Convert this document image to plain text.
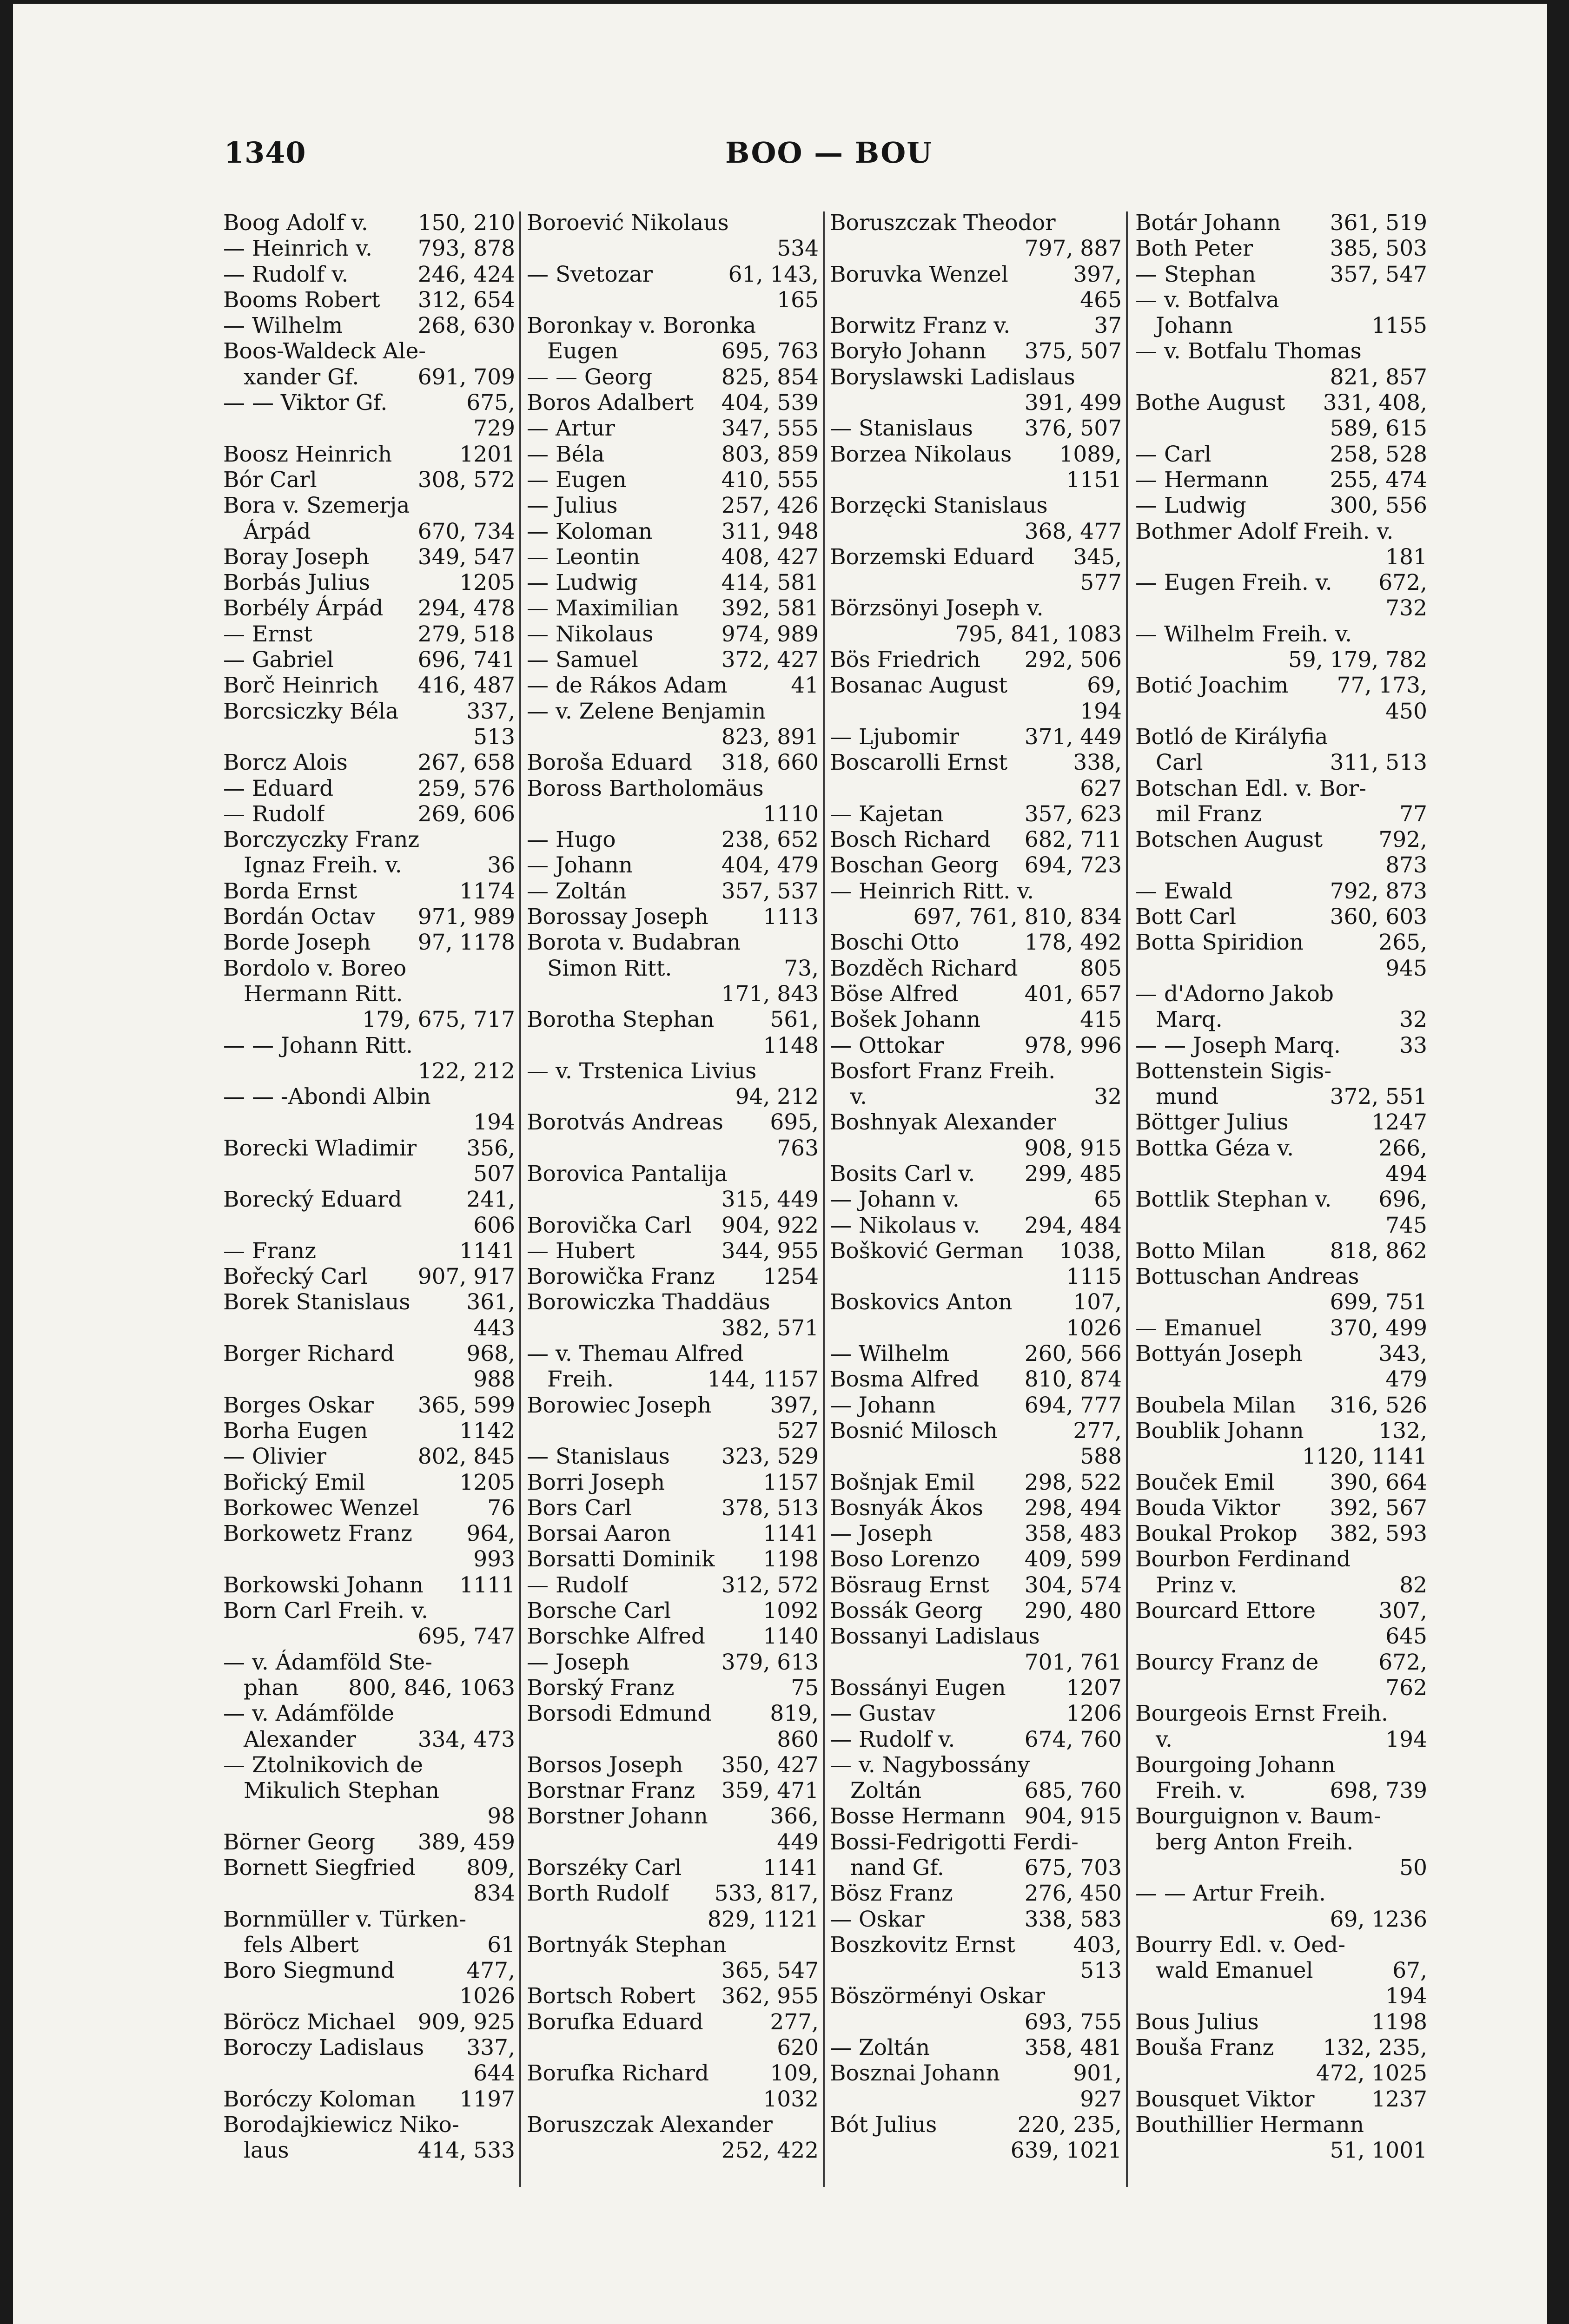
1340	BOO — BOU
Boog Adolf v. 150, 210
— Heinrich v. 793, 878
— Rudolf v.	246, 424
Booms Robert 312, 654
— Wilhelm	268, 630
Boos-Waldeck Ale-
xander Gf.	691, 709
— — Viktor Gf.	675,
729
Boosz Heinrich	1201
Bór Carl	308, 572
Bora v. Szemerja
Árpád	670, 734
Boray Joseph 349, 547
Borbás Julius	1205
Borbély Árpád 294, 478
— Ernst	279, 518
— Gabriel	696, 741
Borč Heinrich 416, 487
Borcsiczky Béla	337,
513
Borcz Alois	267, 658
— Eduard	259, 576
— Rudolf	269, 606
Borczyczky Franz
Ignaz Freih. v.	36
Borda Ernst	1174
Bordán Octav 971, 989
Borde Joseph 97, 1178
Bordolo v. Boreo
Hermann Ritt.
179, 675, 717
— — Johann Ritt.
122, 212
— — -Abondi Albin
194
Borecki Wladimir 356,
507
Borecký Eduard	241,
606
— Franz	1141
Bořecký Carl 907, 917
Borek Stanislaus	361,
443
Borger Richard	968,
988
Borges Oskar 365, 599
Borha Eugen	1142
— Olivier	802, 845
Bořický Emil	1205
Borkowec Wenzel	76
Borkowetz Franz 964,
993
Borkowski Johann 1111
Born Carl Freih. v.
695, 747
— v. Ádamföld Ste-
phan 800, 846, 1063
— v. Adámfölde
Alexander	334, 473
— Ztolnikovich de
Mikulich Stephan
98
Börner Georg 389, 459
Bornett Siegfried 809,
834
Bornmüller v. Türken-
fels Albert	61
Boro Siegmund	477,
1026
Böröcz Michael 909, 925
Boroczy Ladislaus 337,
644
Boróczy Koloman 1197
Borodajkiewicz Niko-
laus	414, 533
Boroević Nikolaus
534
— Svetozar	61, 143,
165
Boronkay v. Boronka
Eugen	695, 763
— — Georg	825, 854
Boros Adalbert 404, 539
— Artur	347, 555
— Béla	803, 859
— Eugen	410, 555
— Julius	257, 426
— Koloman	311, 948
— Leontin	408, 427
— Ludwig	414, 581
— Maximilian 392, 581
— Nikolaus	974, 989
— Samuel	372, 427
— de Rákos Adam	41
— v. Zelene Benjamin
823, 891
Boroša Eduard 318, 660
Boross Bartholomäus
1110
— Hugo	238, 652
— Johann	404, 479
— Zoltán	357, 537
Borossay Joseph	1113
Borota v. Budabran
Simon Ritt.	73,
171, 843
Borotha Stephan	561,
1148
— v. Trstenica Livius
94, 212
Borotvás Andreas 695,
763
Borovica Pantalija
315, 449
Borovička Carl 904, 922
— Hubert	344, 955
Borowička Franz 1254
Borowiczka Thaddäus
382, 571
— v. Themau Alfred
Freih.	144, 1157
Borowiec Joseph	397,
527
— Stanislaus 323, 529
Borri Joseph	1157
Bors Carl	378, 513
Borsai Aaron	1141
Borsatti Dominik 1198
— Rudolf	312, 572
Borsche Carl	1092
Borschke Alfred	1140
— Joseph	379, 613
Borský Franz	75
Borsodi Edmund	819,
860
Borsos Joseph 350, 427
Borstnar Franz 359, 471
Borstner Johann	366,
449
Borszéky Carl	1141
Borth Rudolf 533, 817,
829, 1121
Bortnyák Stephan
365, 547
Bortsch Robert 362, 955
Borufka Eduard	277,
620
Borufka Richard	109,
1032
Boruszczak Alexander
252, 422
Boruszczak Theodor
797, 887
Boruvka Wenzel	397,
465
Borwitz Franz v.	37
Boryło Johann 375, 507
Boryslawski Ladislaus
391, 499
— Stanislaus 376, 507
Borzea Nikolaus 1089,
1151
Borzęcki Stanislaus
368, 477
Borzemski Eduard 345,
577
Börzsönyi Joseph v.
795, 841, 1083
Bös Friedrich 292, 506
Bosanac August	69,
194
— Ljubomir	371, 449
Boscarolli Ernst	338,
627
— Kajetan	357, 623
Bosch Richard 682, 711
Boschan Georg 694, 723
— Heinrich Ritt. v.
697, 761, 810, 834
Boschi Otto	178, 492
Bozděch Richard	805
Böse Alfred	401, 657
Bošek Johann	415
— Ottokar	978, 996
Bosfort Franz Freih.
v.	32
Boshnyak Alexander
908, 915
Bosits Carl v. 299, 485
— Johann v.	65
— Nikolaus v. 294, 484
Bošković German 1038,
1115
Boskovics Anton	107,
1026
— Wilhelm	260, 566
Bosma Alfred 810, 874
— Johann	694, 777
Bosnić Milosch	277,
588
Bošnjak Emil 298, 522
Bosnyák Ákos 298, 494
— Joseph	358, 483
Boso Lorenzo 409, 599
Bösraug Ernst 304, 574
Bossák Georg 290, 480
Bossanyi Ladislaus
701, 761
Bossányi Eugen	1207
— Gustav	1206
— Rudolf v.	674, 760
— v. Nagybossány
Zoltán	685, 760
Bosse Hermann 904, 915
Bossi-Fedrigotti Ferdi-
nand Gf.	675, 703
Bösz Franz	276, 450
— Oskar	338, 583
Boszkovitz Ernst	403,
513
Böszörményi Oskar
693, 755
— Zoltán	358, 481
Bosznai Johann	901,
927
Bót Julius	220, 235,
639, 1021
Botár Johann 361, 519
Both Peter	385, 503
— Stephan	357, 547
— v. Botfalva
Johann	1155
— v. Botfalu Thomas
821, 857
Bothe August 331, 408,
589, 615
— Carl	258, 528
— Hermann	255, 474
— Ludwig	300, 556
Bothmer Adolf Freih. v.
181
— Eugen Freih. v. 672,
732
— Wilhelm Freih. v.
59, 179, 782
Botić Joachim 77, 173,
450
Botló de Királyfia
Carl	311, 513
Botschan Edl. v. Bor-
mil Franz	77
Botschen August	792,
873
— Ewald	792, 873
Bott Carl	360, 603
Botta Spiridion	265,
945
— d'Adorno Jakob
Marq.	32
— — Joseph Marq.	33
Bottenstein Sigis-
mund	372, 551
Böttger Julius	1247
Bottka Géza v.	266,
494
Bottlik Stephan v. 696,
745
Botto Milan	818, 862
Bottuschan Andreas
699, 751
— Emanuel	370, 499
Bottyán Joseph	343,
479
Boubela Milan 316, 526
Boublik Johann	132,
1120, 1141
Bouček Emil	390, 664
Bouda Viktor 392, 567
Boukal Prokop 382, 593
Bourbon Ferdinand
Prinz v.	82
Bourcard Ettore	307,
645
Bourcy Franz de	672,
762
Bourgeois Ernst Freih.
v.	194
Bourgoing Johann
Freih. v.	698, 739
Bourguignon v. Baum-
berg Anton Freih.
50
— — Artur Freih.
69, 1236
Bourry Edl. v. Oed-
wald Emanuel	67,
194
Bous Julius	1198
Bouša Franz 132, 235,
472, 1025
Bousquet Viktor	1237
Bouthillier Hermann
51, 1001
